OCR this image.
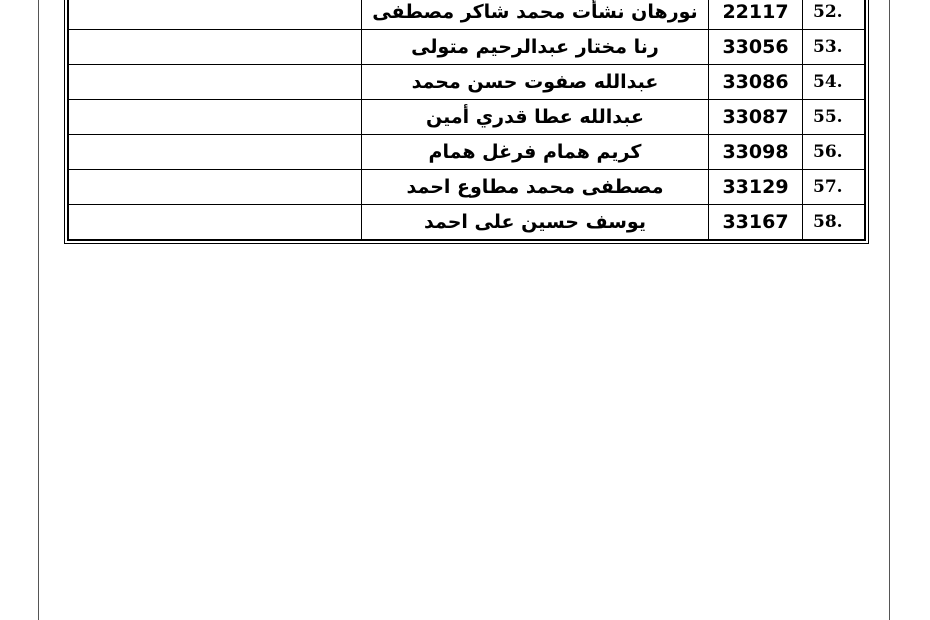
.52	22117	نورهان نشأت محمد شاكر مصطفى	
.53	33056	رنا مختار عبدالرحيم متولى	
.54	33086	عبدالله صفوت حسن محمد	
.55	33087	عبدالله عطا قدري أمين	
.56	33098	كريم همام فرغل همام	
.57	33129	مصطفى محمد مطاوع احمد	
.58	33167	يوسف حسين على احمد	
